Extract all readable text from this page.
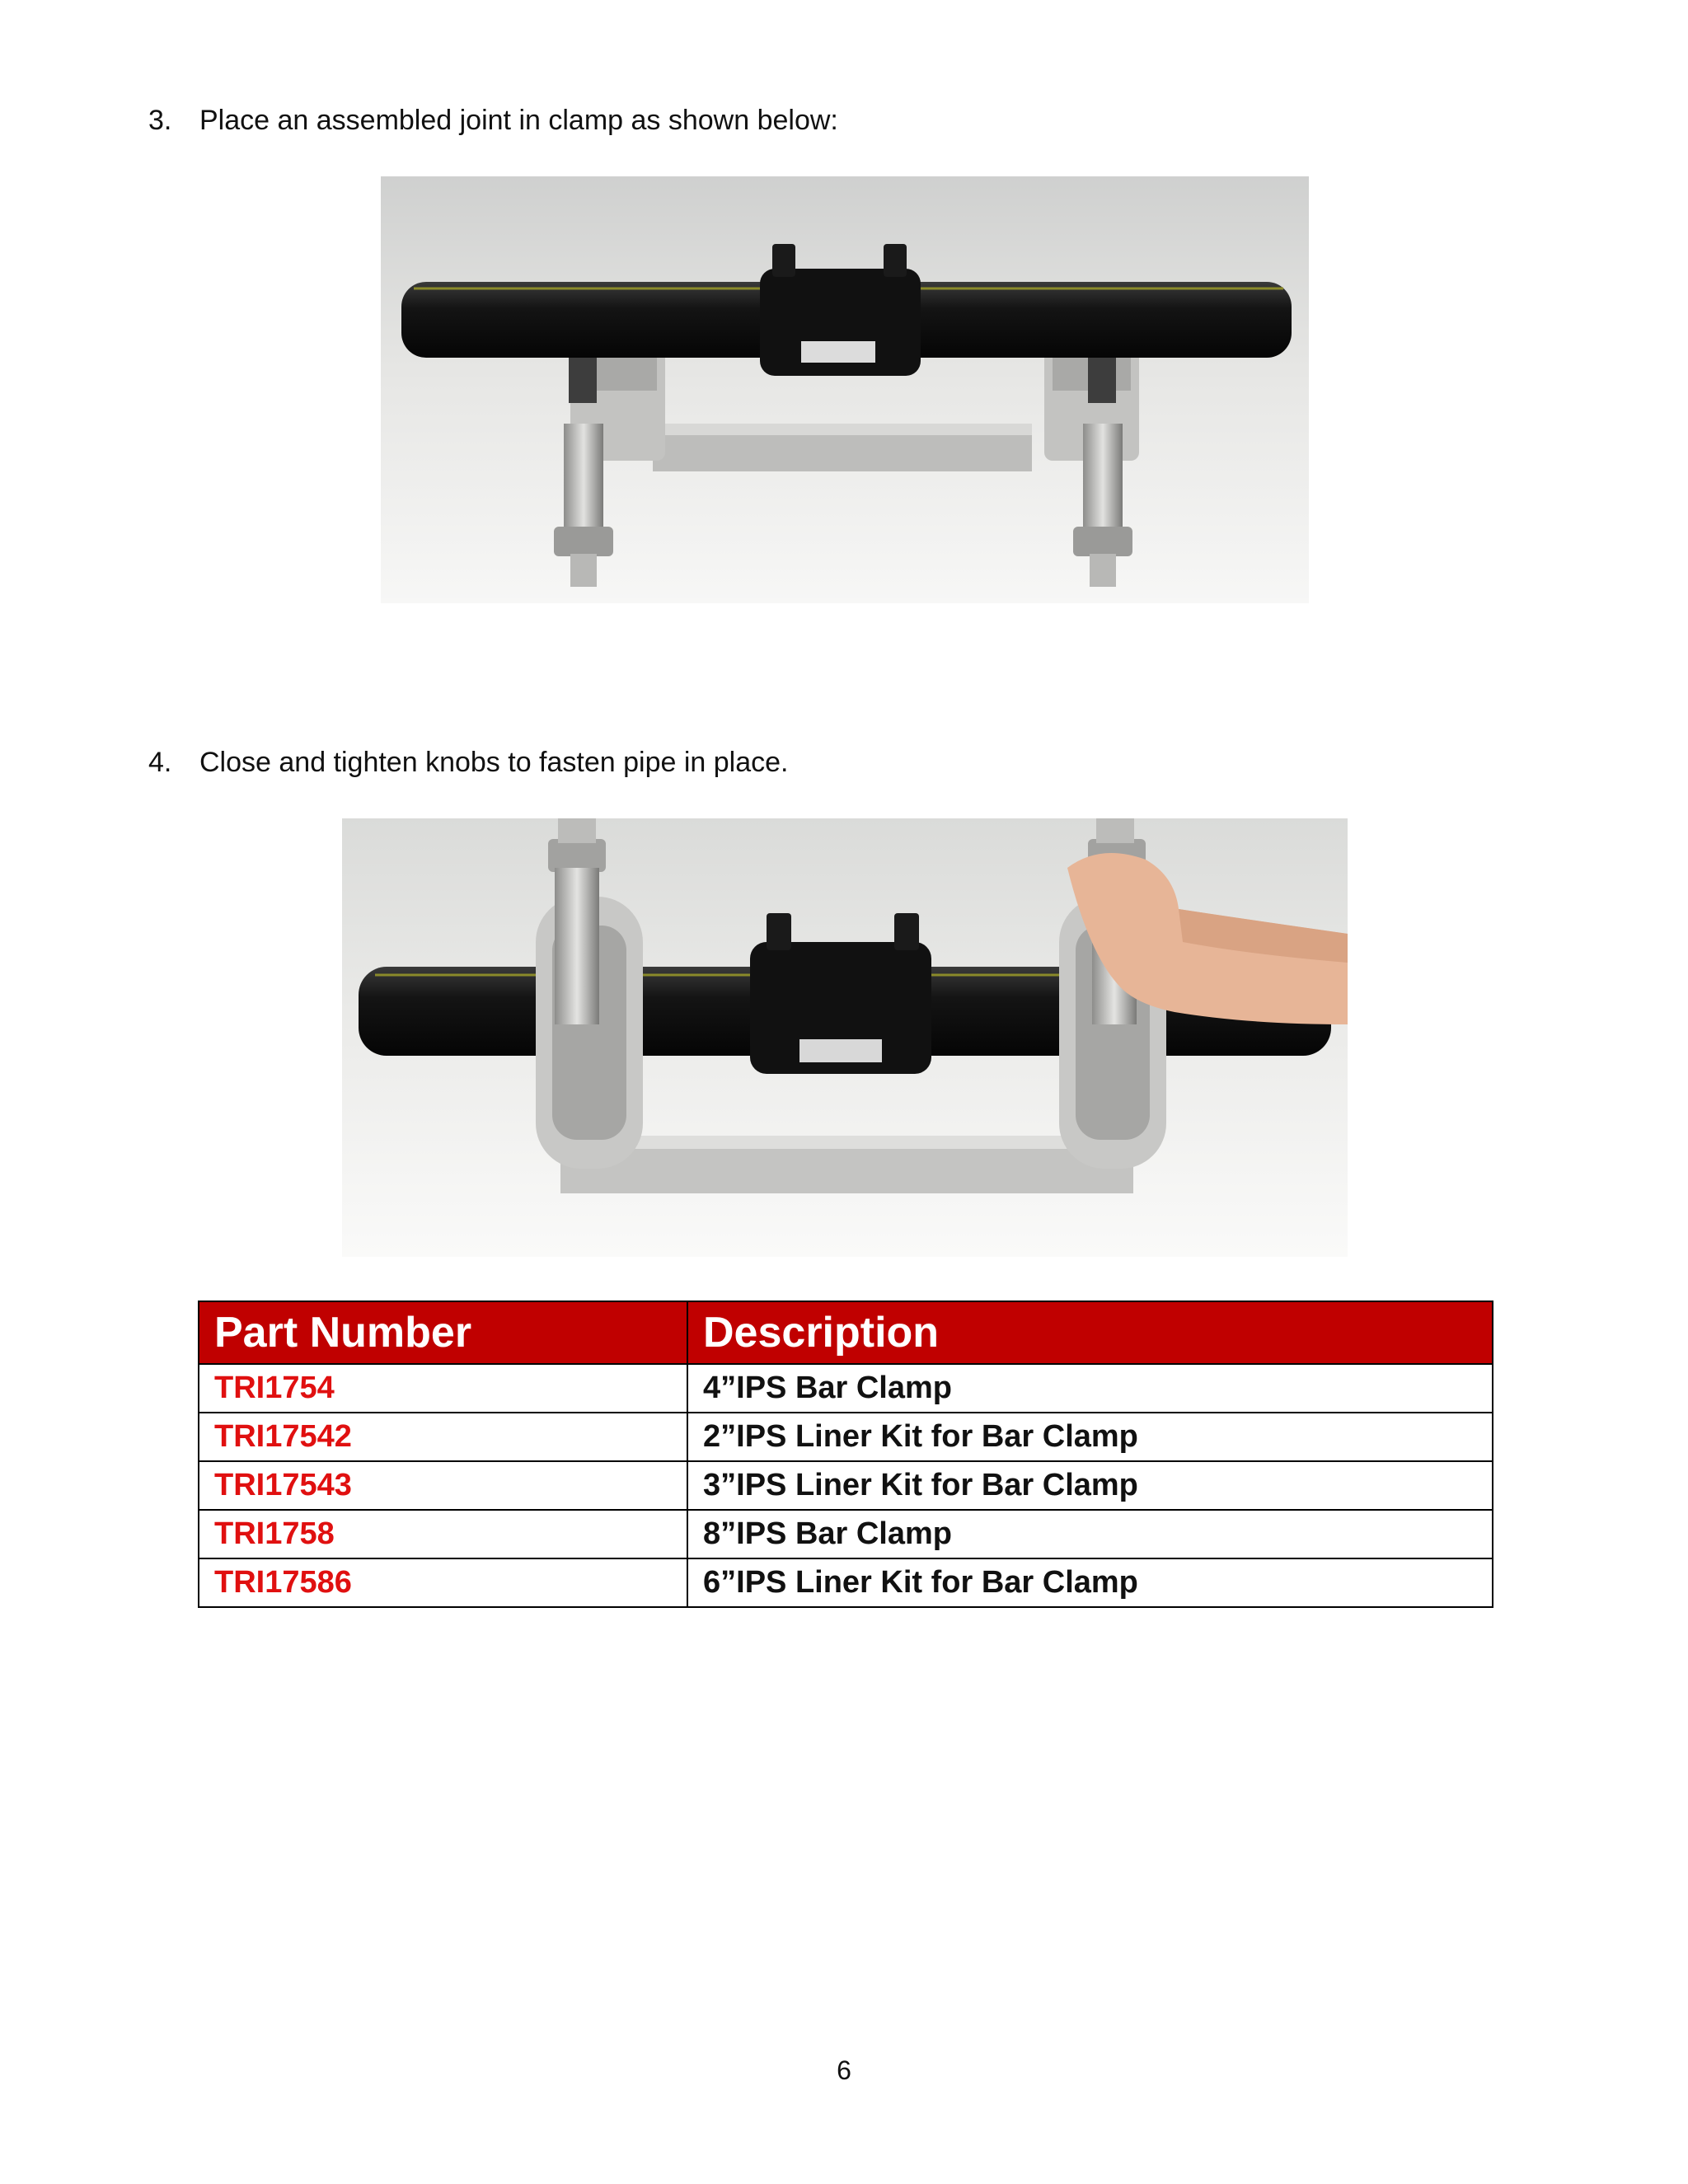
3. Place an assembled joint in clamp as shown below:
4. Close and tighten knobs to fasten pipe in place.
Part Number	Description
TRI1754	4”IPS Bar Clamp
TRI17542	2”IPS Liner Kit for Bar Clamp
TRI17543	3”IPS Liner Kit for Bar Clamp
TRI1758	8”IPS Bar Clamp
TRI17586	6”IPS Liner Kit for Bar Clamp
6
